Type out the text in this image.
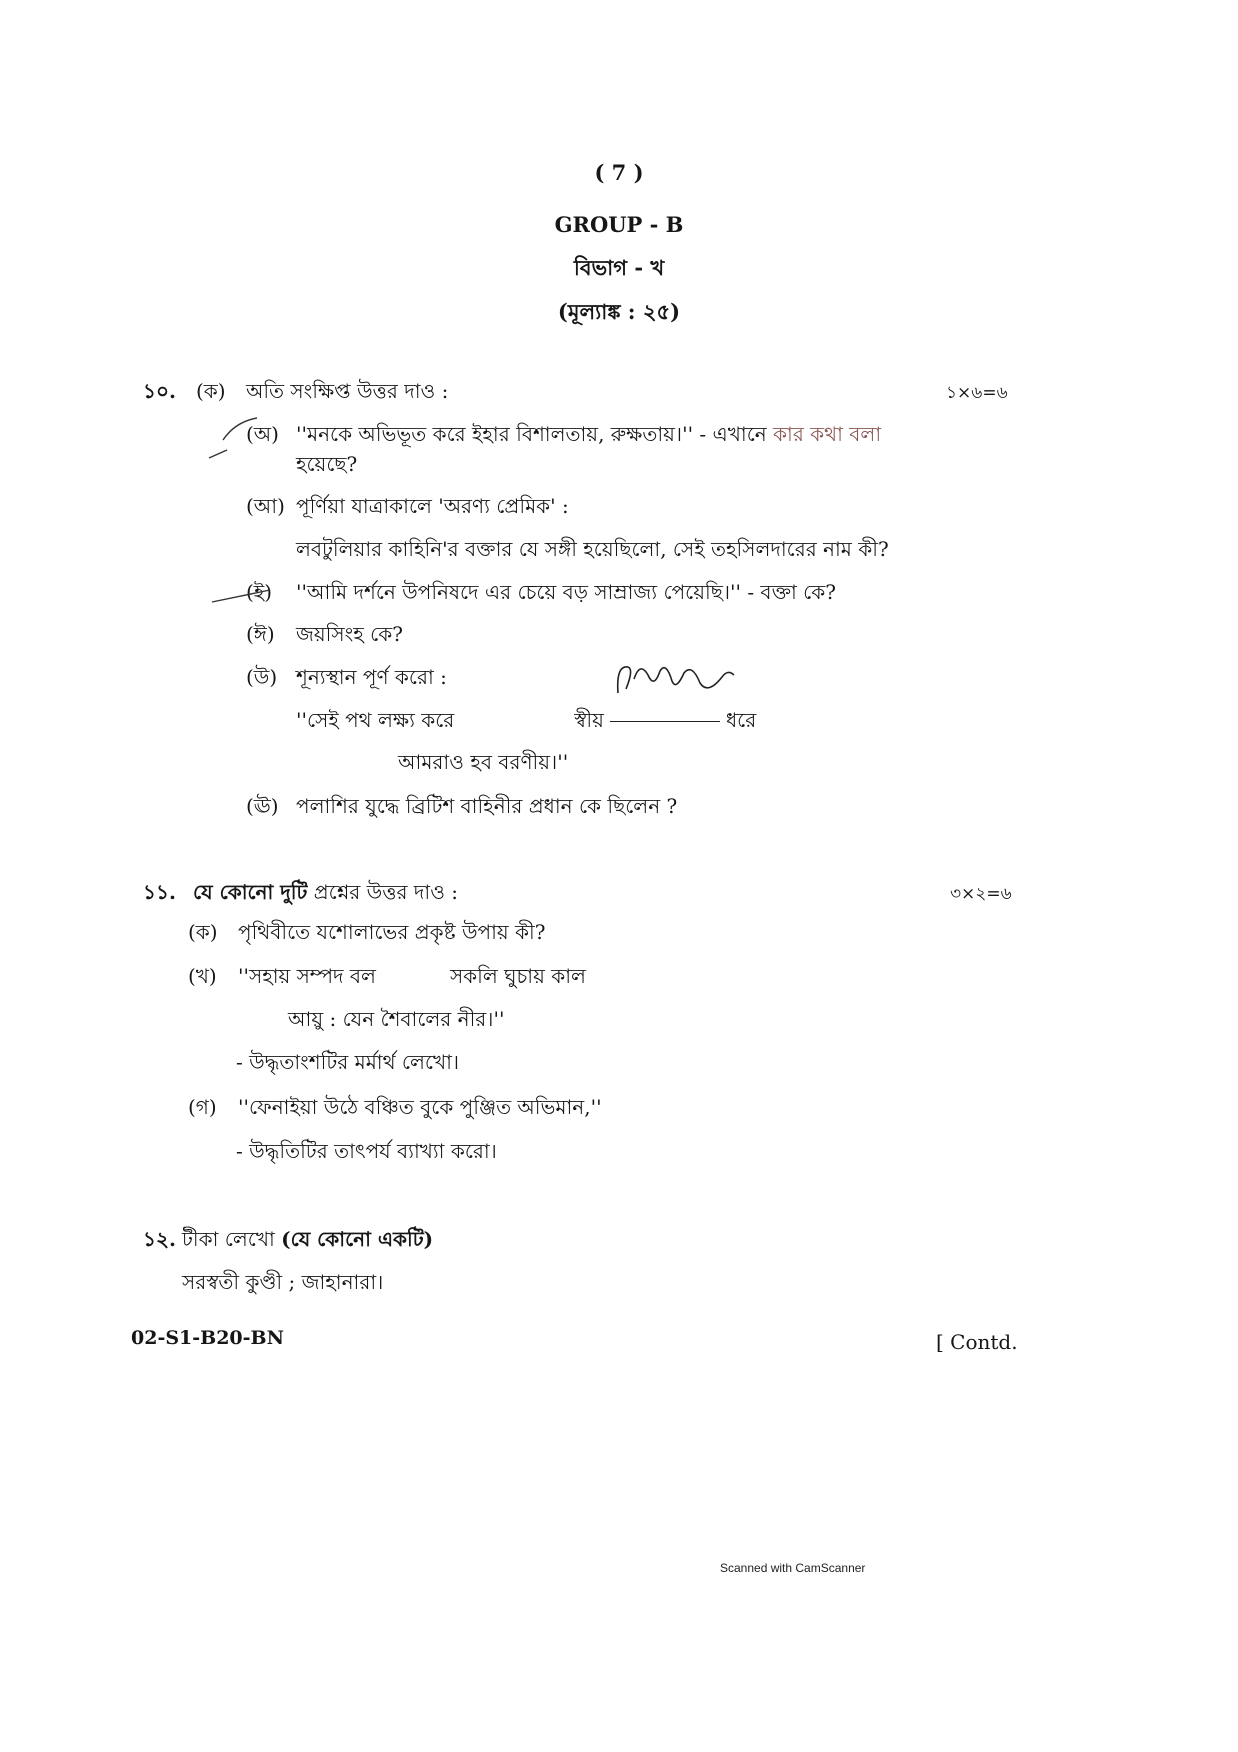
( 7 )
GROUP - B
বিভাগ - খ
(মূল্যাঙ্ক : ২৫)
১০. (ক) অতি সংক্ষিপ্ত উত্তর দাও :	১×৬=৬
(অ) ''মনকে অভিভূত করে ইহার বিশালতায়, রুক্ষতায়।'' - এখানে কার কথা বলা
হয়েছে?
(আ) পূর্ণিয়া যাত্রাকালে 'অরণ্য প্রেমিক' :
লবটুলিয়ার কাহিনি'র বক্তার যে সঙ্গী হয়েছিলো, সেই তহসিলদারের নাম কী?
(ই) ''আমি দর্শনে উপনিষদে এর চেয়ে বড় সাম্রাজ্য পেয়েছি।'' - বক্তা কে?
(ঈ) জয়সিংহ কে?
(উ) শূন্যস্থান পূর্ণ করো :
''সেই পথ লক্ষ্য করে	স্বীয়	ধরে
আমরাও হব বরণীয়।''
(ঊ) পলাশির যুদ্ধে ব্রিটিশ বাহিনীর প্রধান কে ছিলেন ?
১১. যে কোনো দুটি প্রশ্নের উত্তর দাও :	৩×২=৬
(ক) পৃথিবীতে যশোলাভের প্রকৃষ্ট উপায় কী?
(খ) ''সহায় সম্পদ বল	সকলি ঘুচায় কাল
আয়ু : যেন শৈবালের নীর।''
- উদ্ধৃতাংশটির মর্মার্থ লেখো।
(গ) ''ফেনাইয়া উঠে বঞ্চিত বুকে পুঞ্জিত অভিমান,''
- উদ্ধৃতিটির তাৎপর্য ব্যাখ্যা করো।
১২. টীকা লেখো (যে কোনো একটি)
সরস্বতী কুণ্ডী ; জাহানারা।
02-S1-B20-BN	[ Contd.
Scanned with CamScanner
